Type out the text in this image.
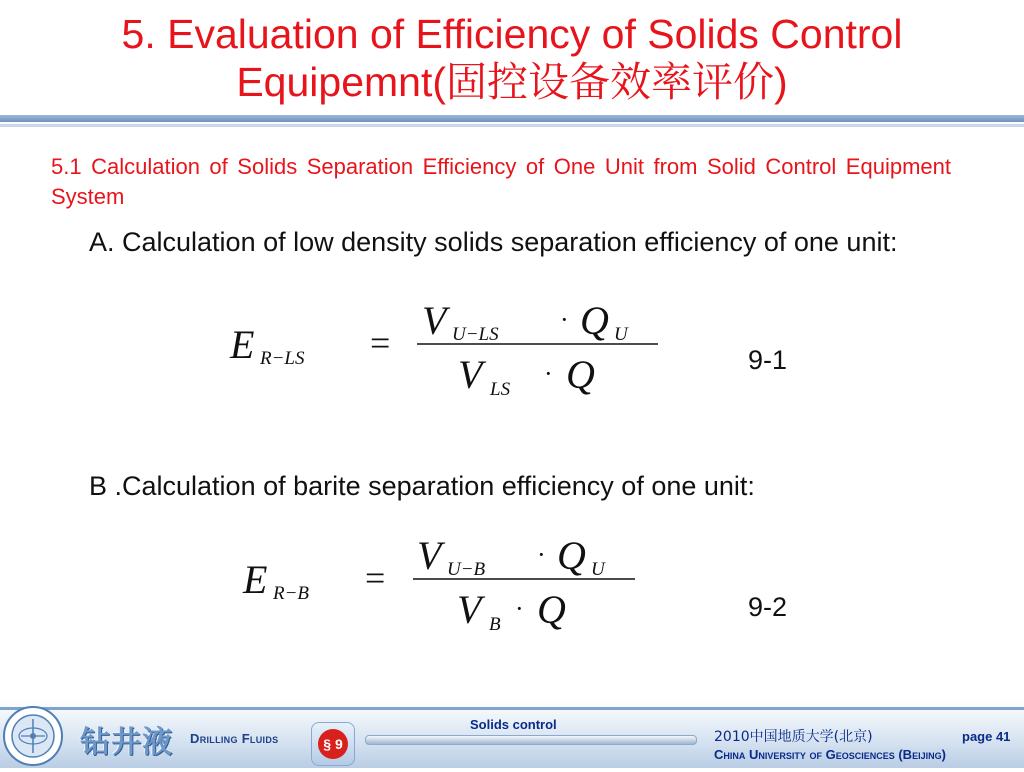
5. Evaluation of Efficiency of Solids Control Equipemnt(固控设备效率评价)
5.1 Calculation of Solids Separation Efficiency of One Unit from Solid Control Equipment System
A. Calculation of low density solids separation efficiency of one unit:
E R−LS = V U−LS
· Q U
V LS
· Q	9-1
B .Calculation of barite separation efficiency of one unit:
E R−B = V U−B
· Q U
V B
· Q	9-2
钻井液 Drilling Fluids	§ 9
Solids control
2010中国地质大学(北京)
China University of Geosciences (Beijing)
page 41
